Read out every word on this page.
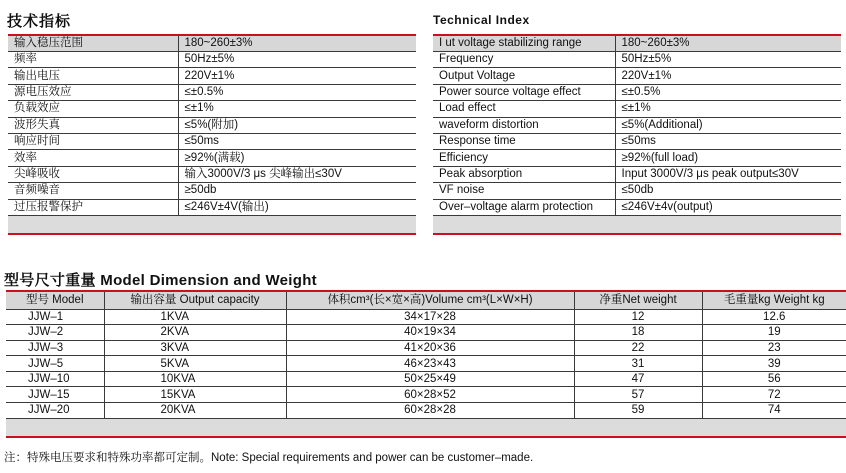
技术指标	Technical Index
输入稳压范围	180~260±3%
频率	50Hz±5%
输出电压	220V±1%
源电压效应	≤±0.5%
负载效应	≤±1%
波形失真	≤5%(附加)
响应时间	≤50ms
效率	≥92%(满载)
尖峰吸收	输入3000V/3 μs 尖峰输出≤30V
音频噪音	≥50db
过压报警保护	≤246V±4V(输出)

I ut voltage stabilizing range	180~260±3%
Frequency	50Hz±5%
Output Voltage	220V±1%
Power source voltage effect	≤±0.5%
Load effect	≤±1%
waveform distortion	≤5%(Additional)
Response time	≤50ms
Efficiency	≥92%(full load)
Peak absorption	Input 3000V/3 μs peak output≤30V
VF noise	≤50db
Over–voltage alarm protection	≤246V±4v(output)

型号尺寸重量 Model Dimension and Weight
型号 Model	输出容量 Output capacity	体积cm³(长×宽×高)Volume cm³(L×W×H)	净重Net weight	毛重量kg Weight kg
JJW–1	1KVA	34×17×28	12	12.6
JJW–2	2KVA	40×19×34	18	19
JJW–3	3KVA	41×20×36	22	23
JJW–5	5KVA	46×23×43	31	39
JJW–10	10KVA	50×25×49	47	56
JJW–15	15KVA	60×28×52	57	72
JJW–20	20KVA	60×28×28	59	74

注：特殊电压要求和特殊功率都可定制。Note: Special requirements and power can be customer–made.
